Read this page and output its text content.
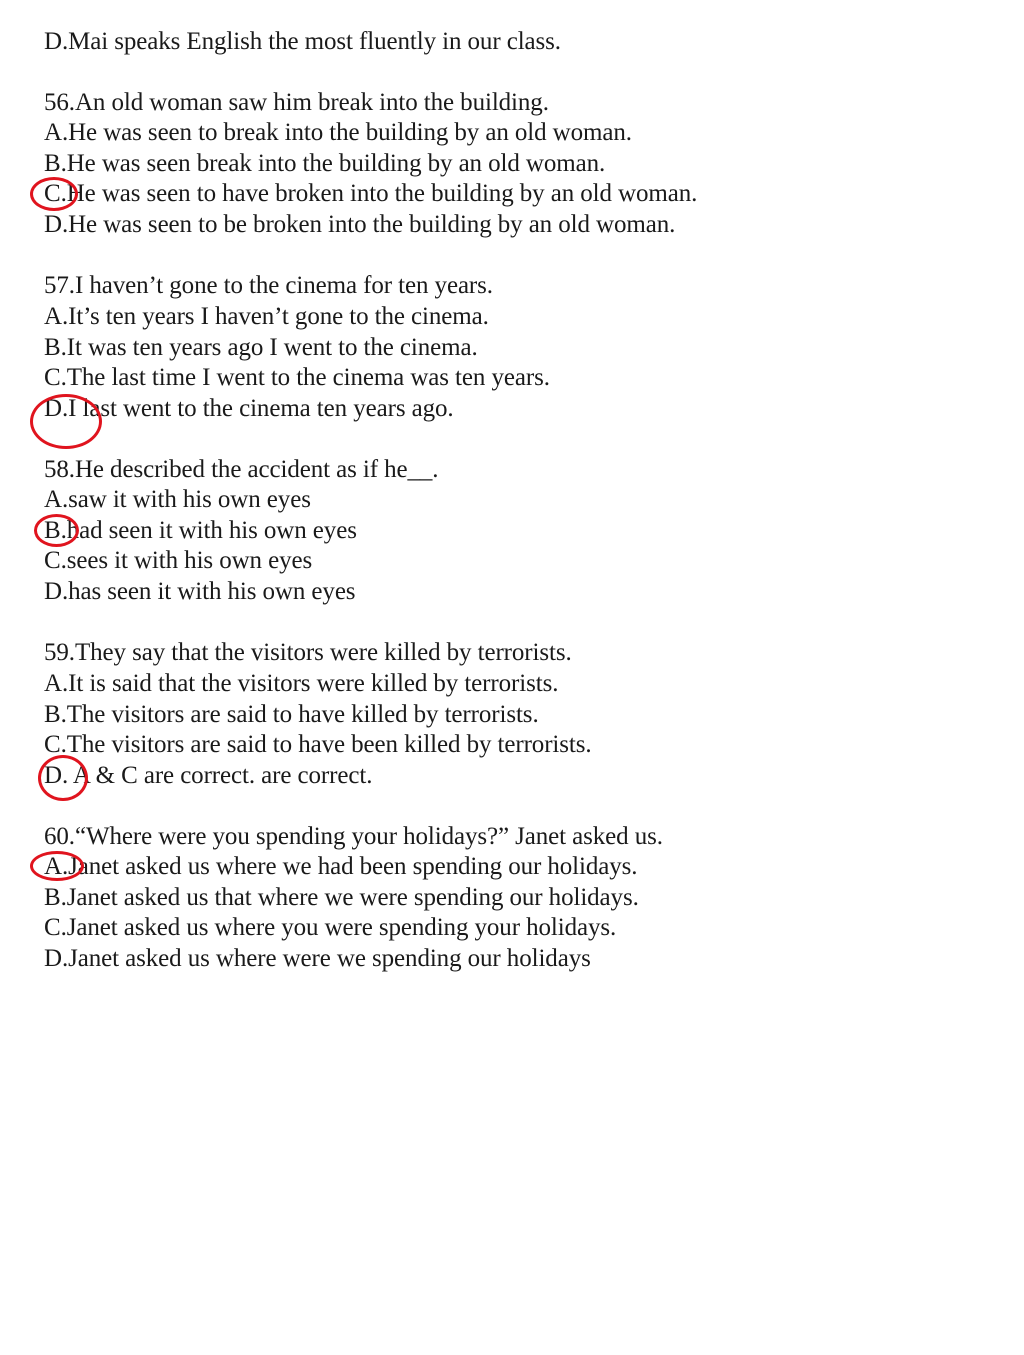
D.Mai speaks English the most fluently in our class.
56.An old woman saw him break into the building.
A.He was seen to break into the building by an old woman.
B.He was seen break into the building by an old woman.
C.He was seen to have broken into the building by an old woman.
D.He was seen to be broken into the building by an old woman.
57.I haven’t gone to the cinema for ten years.
A.It’s ten years I haven’t gone to the cinema.
B.It was ten years ago I went to the cinema.
C.The last time I went to the cinema was ten years.
D.I last went to the cinema ten years ago.
58.He described the accident as if he__.
A.saw it with his own eyes
B.had seen it with his own eyes
C.sees it with his own eyes
D.has seen it with his own eyes
59.They say that the visitors were killed by terrorists.
A.It is said that the visitors were killed by terrorists.
B.The visitors are said to have killed by terrorists.
C.The visitors are said to have been killed by terrorists.
D. A & C are correct. are correct.
60.“Where were you spending your holidays?” Janet asked us.
A.Janet asked us where we had been spending our holidays.
B.Janet asked us that where we were spending our holidays.
C.Janet asked us where you were spending your holidays.
D.Janet asked us where were we spending our holidays
